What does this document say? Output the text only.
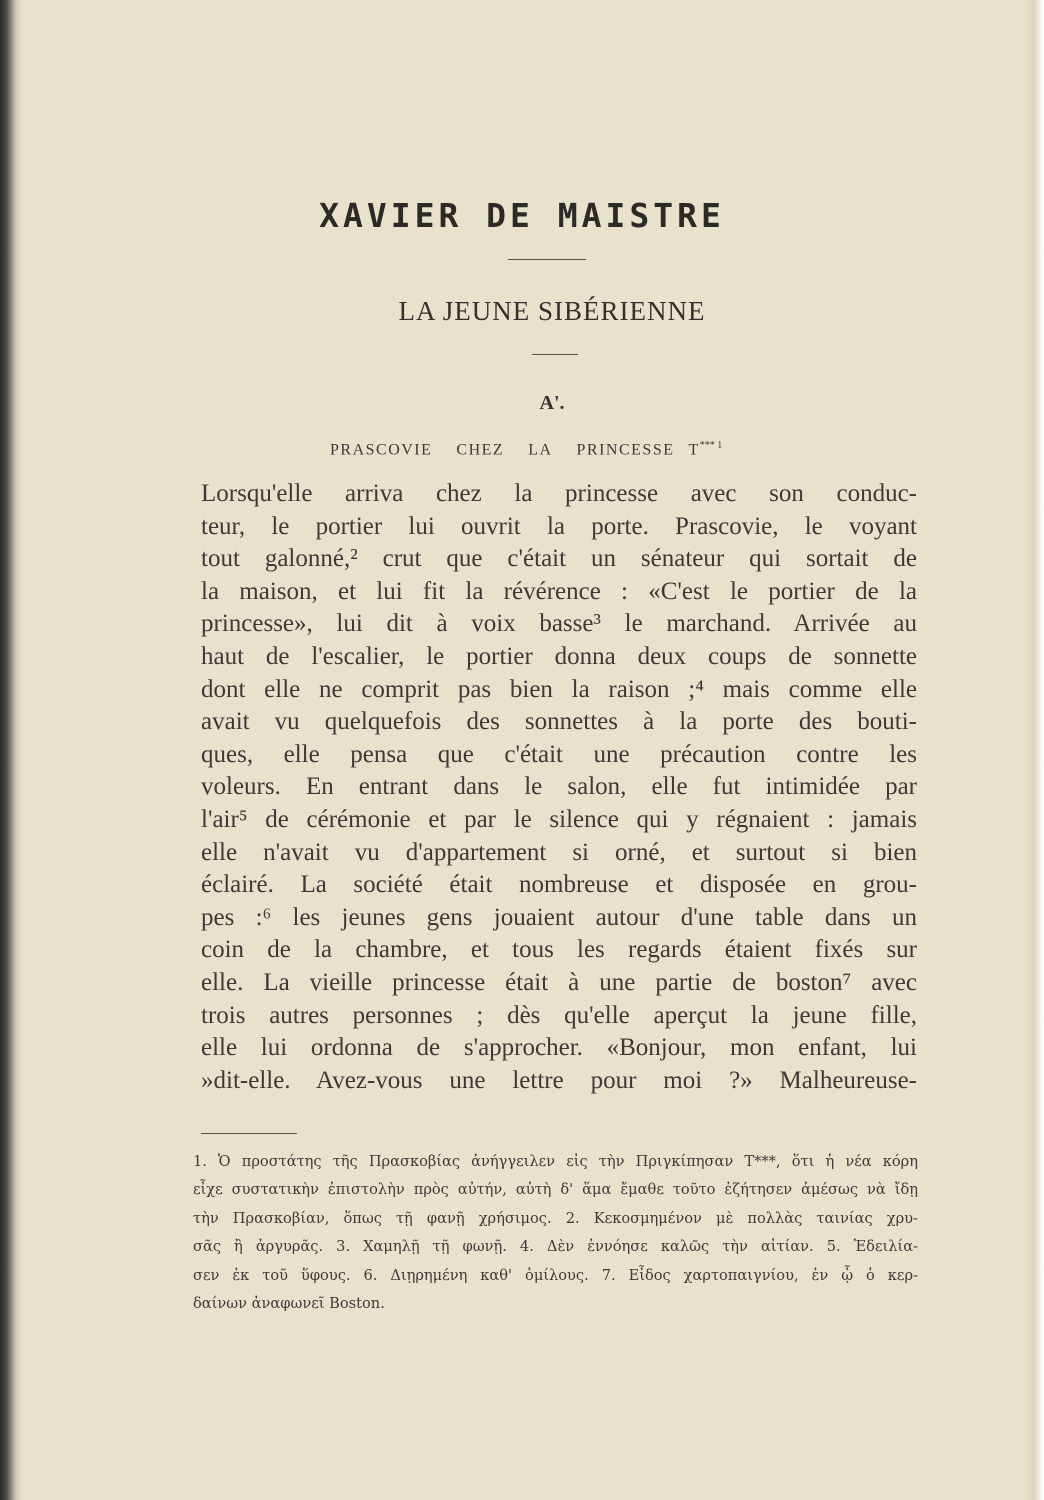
XAVIER DE MAISTRE
LA JEUNE SIBÉRIENNE
A'.
PRASCOVIE CHEZ LA PRINCESSE $T^{*** 1}$
Lorsqu'elle arriva chez la princesse avec son conduc-
teur, le portier lui ouvrit la porte. Prascovie, le voyant
tout galonné,² crut que c'était un sénateur qui sortait de
la maison, et lui fit la révérence : «C'est le portier de la
princesse», lui dit à voix basse³ le marchand. Arrivée au
haut de l'escalier, le portier donna deux coups de sonnette
dont elle ne comprit pas bien la raison ;⁴ mais comme elle
avait vu quelquefois des sonnettes à la porte des bouti-
ques, elle pensa que c'était une précaution contre les
voleurs. En entrant dans le salon, elle fut intimidée par
l'air⁵ de cérémonie et par le silence qui y régnaient : jamais
elle n'avait vu d'appartement si orné, et surtout si bien
éclairé. La société était nombreuse et disposée en grou-
pes :⁶ les jeunes gens jouaient autour d'une table dans un
coin de la chambre, et tous les regards étaient fixés sur
elle. La vieille princesse était à une partie de boston⁷ avec
trois autres personnes ; dès qu'elle aperçut la jeune fille,
elle lui ordonna de s'approcher. «Bonjour, mon enfant, lui
»dit-elle. Avez-vous une lettre pour moi ?» Malheureuse-
1. Ὁ προστάτης τῆς Πρασκοβίας ἀνήγγειλεν εἰς τὴν Πριγκίπησαν Τ***, ὅτι ἡ νέα κόρη
εἶχε συστατικὴν ἐπιστολὴν πρὸς αὐτήν, αὐτὴ δ' ἅμα ἔμαθε τοῦτο ἐζήτησεν ἀμέσως νὰ ἴδῃ
τὴν Πρασκοβίαν, ὅπως τῇ φανῇ χρήσιμος. 2. Κεκοσμημένον μὲ πολλὰς ταινίας χρυ-
σᾶς ἢ ἀργυρᾶς. 3. Χαμηλῇ τῇ φωνῇ. 4. Δὲν ἐννόησε καλῶς τὴν αἰτίαν. 5. Ἐδειλία-
σεν ἐκ τοῦ ὕφους. 6. Διῃρημένη καθ' ὁμίλους. 7. Εἶδος χαρτοπαιγνίου, ἐν ᾧ ὁ κερ-
δαίνων ἀναφωνεῖ Boston.
